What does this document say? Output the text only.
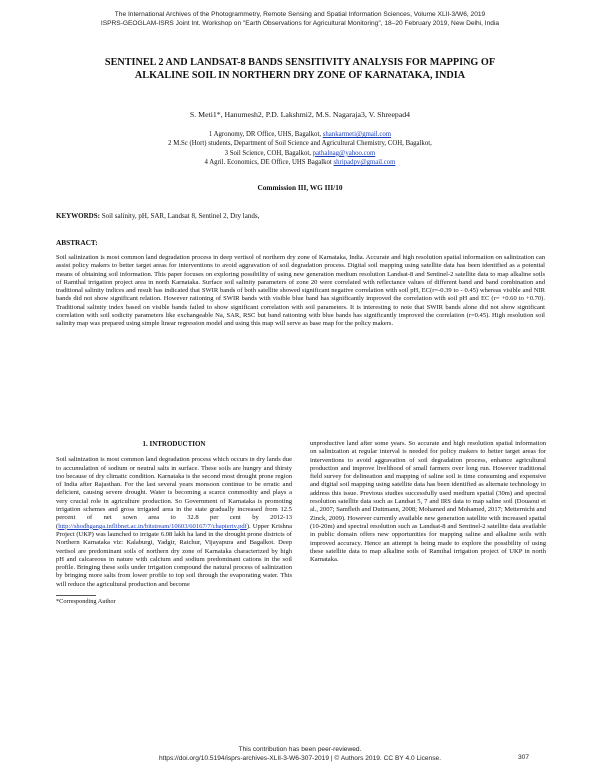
The International Archives of the Photogrammetry, Remote Sensing and Spatial Information Sciences, Volume XLII-3/W6, 2019
ISPRS-GEOGLAM-ISRS Joint Int. Workshop on "Earth Observations for Agricultural Monitoring", 18–20 February 2019, New Delhi, India
SENTINEL 2 AND LANDSAT-8 BANDS SENSITIVITY ANALYSIS FOR MAPPING OF
ALKALINE SOIL IN NORTHERN DRY ZONE OF KARNATAKA, INDIA
S. Meti1*, Hanumesh2, P.D. Lakshmi2, M.S. Nagaraja3, V. Shreepad4
1 Agronomy, DR Office, UHS, Bagalkot, shankarmeti@gmail.com
2 M.Sc (Hort) students, Department of Soil Science and Agricultural Chemistry, COH, Bagalkot,
3 Soil Science, COH, Bagalkot, pathalnag@yahoo.com
4 Agril. Economics, DE Office, UHS Bagalkot shripadpv@gmail.com
Commission III, WG III/10
KEYWORDS: Soil salinity, pH, SAR, Landsat 8, Sentinel 2, Dry lands,
ABSTRACT:

Soil salinization is most common land degradation process in deep vertisol of northern dry zone of Karnataka, India. Accurate and high resolution spatial information on salinization can assist policy makers to better target areas for interventions to avoid aggravation of soil degradation process. Digital soil mapping using satellite data has been identified as a potential means of obtaining soil information. This paper focuses on exploring possibility of using new generation medium resolution Landsat-8 and Sentinel-2 satellite data to map alkaline soils of Ramthal irrigation project area in north Karnataka. Surface soil salinity parameters of zone 20 were correlated with reflectance values of different band and band combination and traditional salinity indices and result has indicated that SWIR bands of both satellite showed significant negative correlation with soil pH, EC(r=-0.39 to - 0.45) whereas visible and NIR bands did not show significant relation. However rationing of SWIR bands with visible blue band has significantly improved the correlation with soil pH and EC (r= +0.60 to +0.70). Traditional salinity index based on visible bands failed to show significant correlation with soil parameters. It is interesting to note that SWIR bands alone did not show significant correlation with soil sodicity parameters like exchangeable Na, SAR, RSC but band rationing with blue bands has significantly improved the correlation (r=0.45). High resolution soil salinity map was prepared using simple linear regression model and using this map will serve as base map for the policy makers.

1. INTRODUCTION

Soil salinization is most common land degradation process which occurs in dry lands due to accumulation of sodium or neutral salts in surface. These soils are hungry and thirsty too because of dry climatic condition. Karnataka is the second most drought prone region of India after Rajasthan. For the last several years monsoon continue to be erratic and deficient, causing severe drought. Water is becoming a scarce commodity and plays a very crucial role in agriculture production. So Government of Karnataka is promoting irrigation schemes and gross irrigated area in the state gradually increased from 12.5 percent of net sown area to 32.8 per cent by 2012-13 (http://shodhganga.inflibnet.ac.in/bitstream/10603/60167/7/chapteriv.pdf). Upper Krishna Project (UKP) was launched to irrigate 6.08 lakh ha land in the drought prone districts of Northern Karnataka viz: Kalaburgi, Yadgir, Raichur, Vijayapura and Bagalkot. Deep vertisol are predominant soils of northern dry zone of Karnataka characterized by high pH and calcareous in nature with calcium and sodium predominant cations in the soil profile. Bringing these soils under irrigation compound the natural process of salinization by bringing more salts from lower profile to top soil through the evaporating water. This will reduce the agricultural production and become

*Corresponding Author

unproductive land after some years. So accurate and high resolution spatial information on salinization at regular interval is needed for policy makers to better target areas for interventions to avoid aggravation of soil degradation process, enhance agricultural production and improve livelihood of small farmers over long run. However traditional field survey for delineation and mapping of saline soil is time consuming and expensive and digital soil mapping using satellite data has been identified as alternate technology to address this issue. Previous studies successfully used medium spatial (30m) and spectral resolution satellite data such as Landsat 5, 7 and IRS data to map saline soil (Douaoui et al., 2007; Samfleth and Duttmann, 2008; Mohamed and Mohamed, 2017; Metternicht and Zinck, 2009). However currently available new generation satellite with increased spatial (10-20m) and spectral resolution such as Landsat-8 and Sentinel-2 satellite data available in public domain offers new opportunities for mapping saline and alkaline soils with improved accuracy. Hence an attempt is being made to explore the possibility of using these satellite data to map alkaline soils of Ramthal irrigation project of UKP in north Karnataka.

This contribution has been peer-reviewed.
https://doi.org/10.5194/isprs-archives-XLII-3-W6-307-2019 | © Authors 2019. CC BY 4.0 License.	307
